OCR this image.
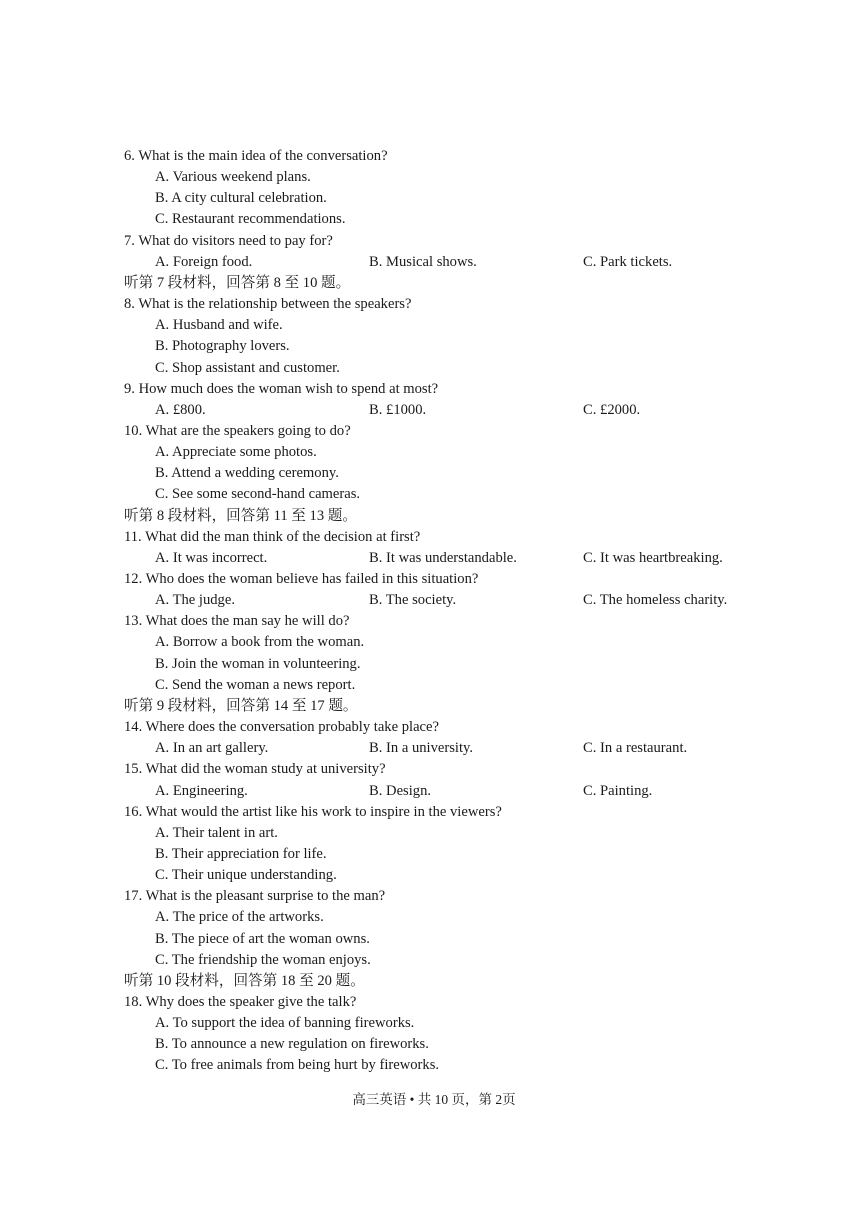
6. What is the main idea of the conversation?
A. Various weekend plans.
B. A city cultural celebration.
C. Restaurant recommendations.
7. What do visitors need to pay for?
A. Foreign food.	B. Musical shows.	C. Park tickets.
听第 7 段材料，回答第 8 至 10 题。
8. What is the relationship between the speakers?
A. Husband and wife.
B. Photography lovers.
C. Shop assistant and customer.
9. How much does the woman wish to spend at most?
A. £800.	B. £1000.	C. £2000.
10. What are the speakers going to do?
A. Appreciate some photos.
B. Attend a wedding ceremony.
C. See some second-hand cameras.
听第 8 段材料，回答第 11 至 13 题。
11. What did the man think of the decision at first?
A. It was incorrect.	B. It was understandable.	C. It was heartbreaking.
12. Who does the woman believe has failed in this situation?
A. The judge.	B. The society.	C. The homeless charity.
13. What does the man say he will do?
A. Borrow a book from the woman.
B. Join the woman in volunteering.
C. Send the woman a news report.
听第 9 段材料，回答第 14 至 17 题。
14. Where does the conversation probably take place?
A. In an art gallery.	B. In a university.	C. In a restaurant.
15. What did the woman study at university?
A. Engineering.	B. Design.	C. Painting.
16. What would the artist like his work to inspire in the viewers?
A. Their talent in art.
B. Their appreciation for life.
C. Their unique understanding.
17. What is the pleasant surprise to the man?
A. The price of the artworks.
B. The piece of art the woman owns.
C. The friendship the woman enjoys.
听第 10 段材料，回答第 18 至 20 题。
18. Why does the speaker give the talk?
A. To support the idea of banning fireworks.
B. To announce a new regulation on fireworks.
C. To free animals from being hurt by fireworks.
高三英语 • 共 10 页，第 2页
